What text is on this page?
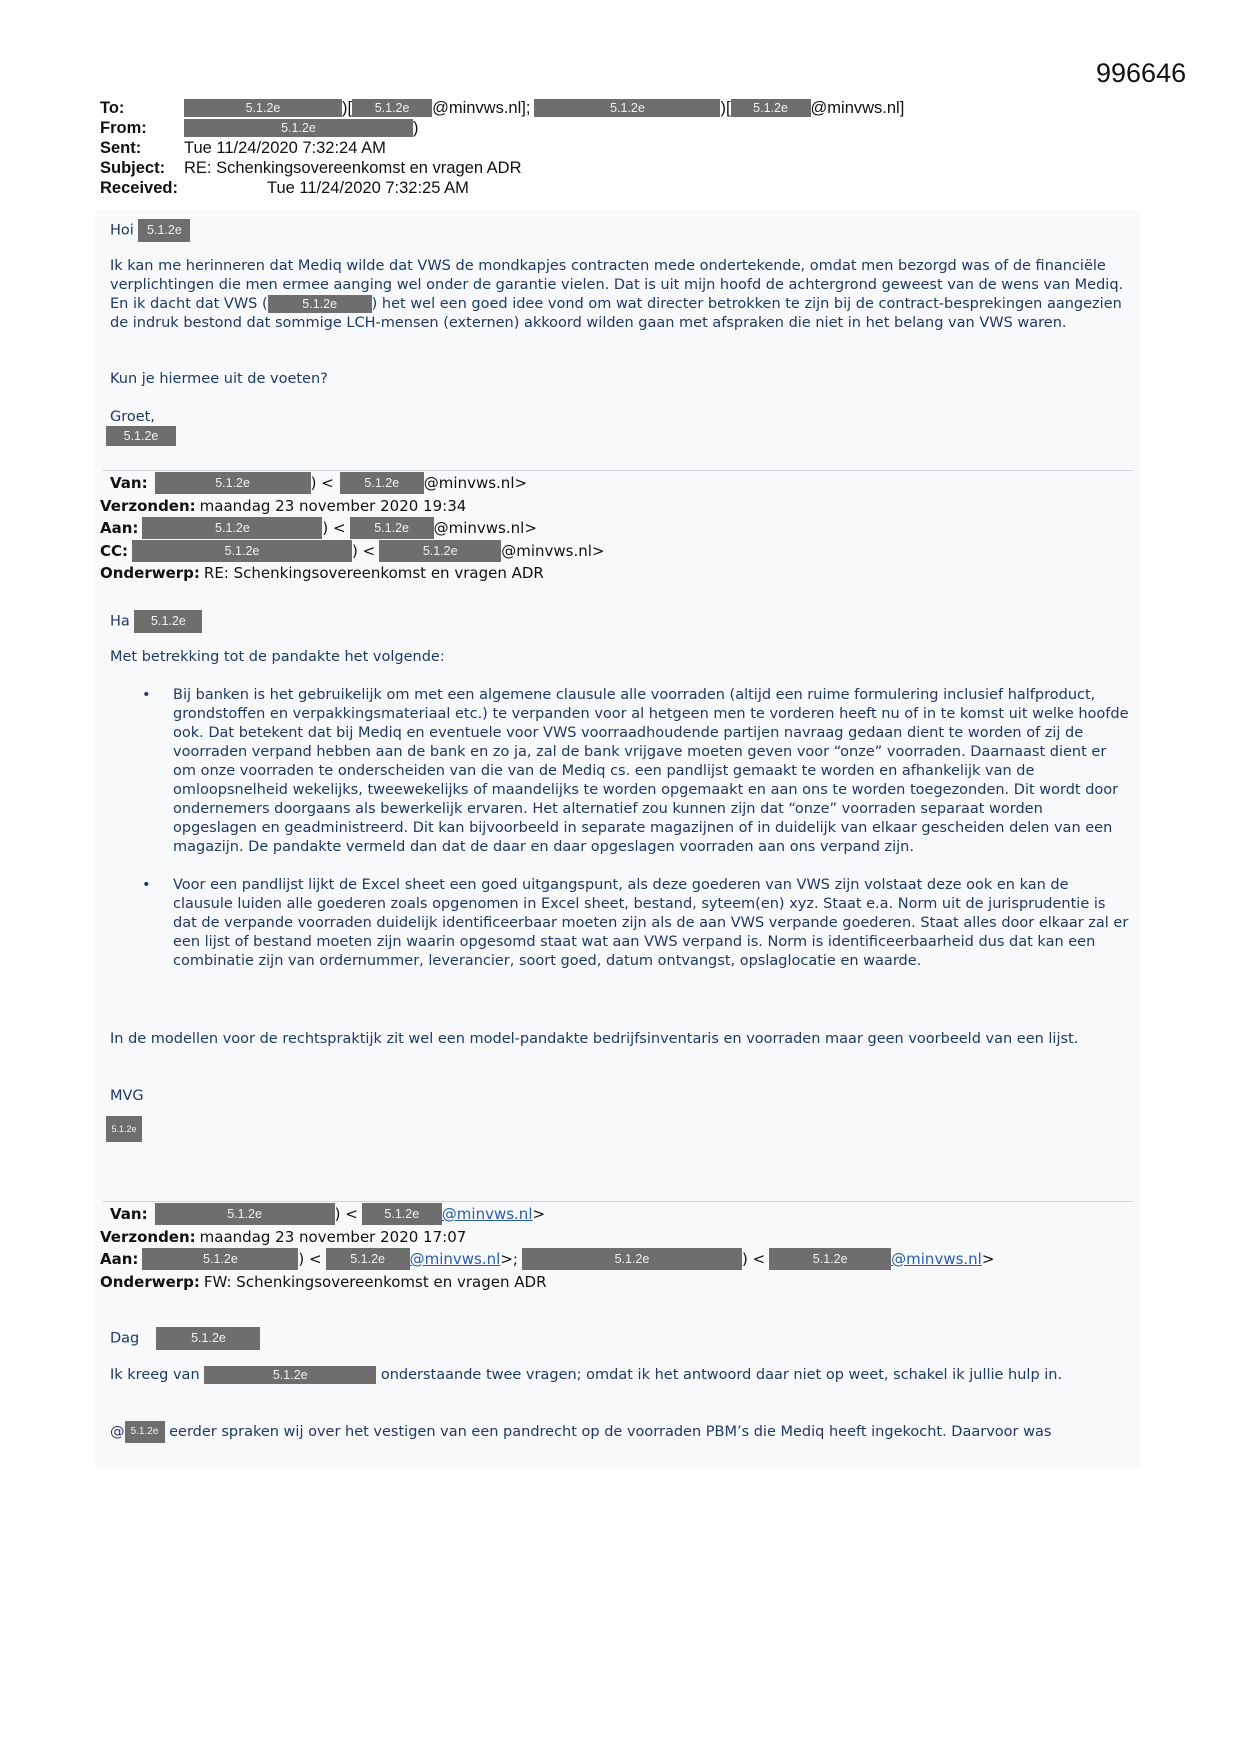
996646
To:	5.1.2e	)[	5.1.2e	@minvws.nl];	5.1.2e	)[	5.1.2e	@minvws.nl]
From:	5.1.2e	)
Sent:	Tue 11/24/2020 7:32:24 AM
Subject:	RE: Schenkingsovereenkomst en vragen ADR
Received:	Tue 11/24/2020 7:32:25 AM
Hoi 5.1.2e

Ik kan me herinneren dat Mediq wilde dat VWS de mondkapjes contracten mede ondertekende, omdat men bezorgd was of de financiële verplichtingen die men ermee aanging wel onder de garantie vielen. Dat is uit mijn hoofd de achtergrond geweest van de wens van Mediq. En ik dacht dat VWS (	5.1.2e ) het wel een goed idee vond om wat directer betrokken te zijn bij de contract-besprekingen aangezien de indruk bestond dat sommige LCH-mensen (externen) akkoord wilden gaan met afspraken die niet in het belang van VWS waren.

Kun je hiermee uit de voeten?
Groet,
5.1.2e
Van:	5.1.2e	) <	5.1.2e	@minvws.nl>
Verzonden: maandag 23 november 2020 19:34
Aan:	5.1.2e	) <	5.1.2e	@minvws.nl>
CC:	5.1.2e	) <	5.1.2e	@minvws.nl>
Onderwerp: RE: Schenkingsovereenkomst en vragen ADR
Ha 5.1.2e
Met betrekking tot de pandakte het volgende:
• Bij banken is het gebruikelijk om met een algemene clausule alle voorraden (altijd een ruime formulering inclusief halfproduct, grondstoffen en verpakkingsmateriaal etc.) te verpanden voor al hetgeen men te vorderen heeft nu of in te komst uit welke hoofde ook. Dat betekent dat bij Mediq en eventuele voor VWS voorraadhoudende partijen navraag gedaan dient te worden of zij de voorraden verpand hebben aan de bank en zo ja, zal de bank vrijgave moeten geven voor “onze” voorraden. Daarnaast dient er om onze voorraden te onderscheiden van die van de Mediq cs. een pandlijst gemaakt te worden en afhankelijk van de omloopsnelheid wekelijks, tweewekelijks of maandelijks te worden opgemaakt en aan ons te worden toegezonden. Dit wordt door ondernemers doorgaans als bewerkelijk ervaren. Het alternatief zou kunnen zijn dat “onze” voorraden separaat worden opgeslagen en geadministreerd. Dit kan bijvoorbeeld in separate magazijnen of in duidelijk van elkaar gescheiden delen van een magazijn. De pandakte vermeld dan dat de daar en daar opgeslagen voorraden aan ons verpand zijn.
• Voor een pandlijst lijkt de Excel sheet een goed uitgangspunt, als deze goederen van VWS zijn volstaat deze ook en kan de clausule luiden alle goederen zoals opgenomen in Excel sheet, bestand, syteem(en) xyz. Staat e.a. Norm uit de jurisprudentie is dat de verpande voorraden duidelijk identificeerbaar moeten zijn als de aan VWS verpande goederen. Staat alles door elkaar zal er een lijst of bestand moeten zijn waarin opgesomd staat wat aan VWS verpand is. Norm is identificeerbaarheid dus dat kan een combinatie zijn van ordernummer, leverancier, soort goed, datum ontvangst, opslaglocatie en waarde.
In de modellen voor de rechtspraktijk zit wel een model-pandakte bedrijfsinventaris en voorraden maar geen voorbeeld van een lijst.
MVG
5.1.2e
Van:	5.1.2e	) <	5.1.2e	@minvws.nl >
Verzonden: maandag 23 november 2020 17:07
Aan:	5.1.2e	) <	5.1.2e	@minvws.nl >;	5.1.2e	) <	5.1.2e	@minvws.nl >
Onderwerp: FW: Schenkingsovereenkomst en vragen ADR
Dag	5.1.2e

Ik kreeg van	5.1.2e	onderstaande twee vragen; omdat ik het antwoord daar niet op weet, schakel ik jullie hulp in.

@ 5.1.2e eerder spraken wij over het vestigen van een pandrecht op de voorraden PBM’s die Mediq heeft ingekocht. Daarvoor was
